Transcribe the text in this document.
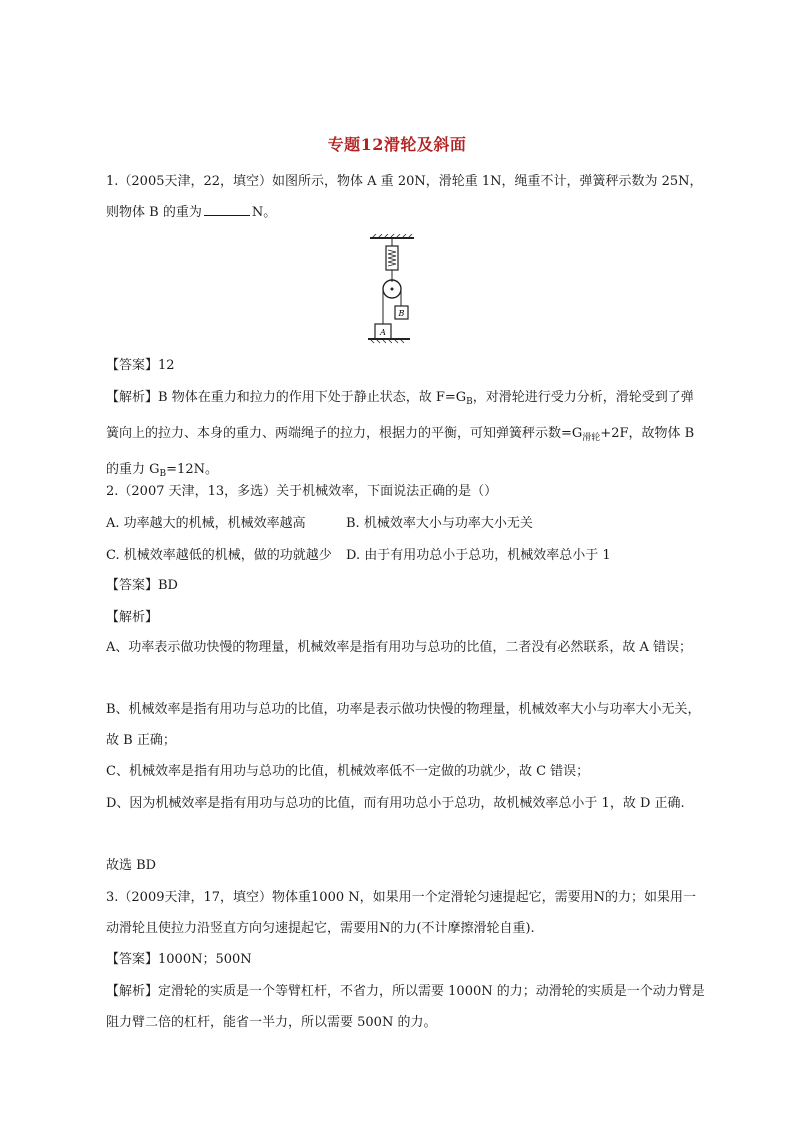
专题12滑轮及斜面

1.（2005天津，22，填空）如图所示，物体 A 重 20N，滑轮重 1N，绳重不计，弹簧秤示数为 25N，
则物体 B 的重为	N。

B
A

【答案】12

【解析】B 物体在重力和拉力的作用下处于静止状态，故 $F=G_B$，对滑轮进行受力分析，滑轮受到了弹簧向上的拉力、本身的重力、两端绳子的拉力，根据力的平衡，可知弹簧秤示数$=G_{滑轮}+2F$，故物体 B 的重力 $G_B=12N$。

2.（2007 天津，13，多选）关于机械效率，下面说法正确的是（）

A. 功率越大的机械，机械效率越高	B. 机械效率大小与功率大小无关
C. 机械效率越低的机械，做的功就越少	D. 由于有用功总小于总功，机械效率总小于 1

【答案】BD

【解析】

A、功率表示做功快慢的物理量，机械效率是指有用功与总功的比值，二者没有必然联系，故 A 错误；

B、机械效率是指有用功与总功的比值，功率是表示做功快慢的物理量，机械效率大小与功率大小无关，故 B 正确；

C、机械效率是指有用功与总功的比值，机械效率低不一定做的功就少，故 C 错误；

D、因为机械效率是指有用功与总功的比值，而有用功总小于总功，故机械效率总小于 1，故 D 正确.

故选 BD

3.（2009天津，17，填空）物体重1000 N，如果用一个定滑轮匀速提起它，需要用N的力；如果用一动滑轮且使拉力沿竖直方向匀速提起它，需要用N的力(不计摩擦滑轮自重).

【答案】1000N；500N

【解析】定滑轮的实质是一个等臂杠杆，不省力，所以需要 1000N 的力；动滑轮的实质是一个动力臂是阻力臂二倍的杠杆，能省一半力，所以需要 500N 的力。
